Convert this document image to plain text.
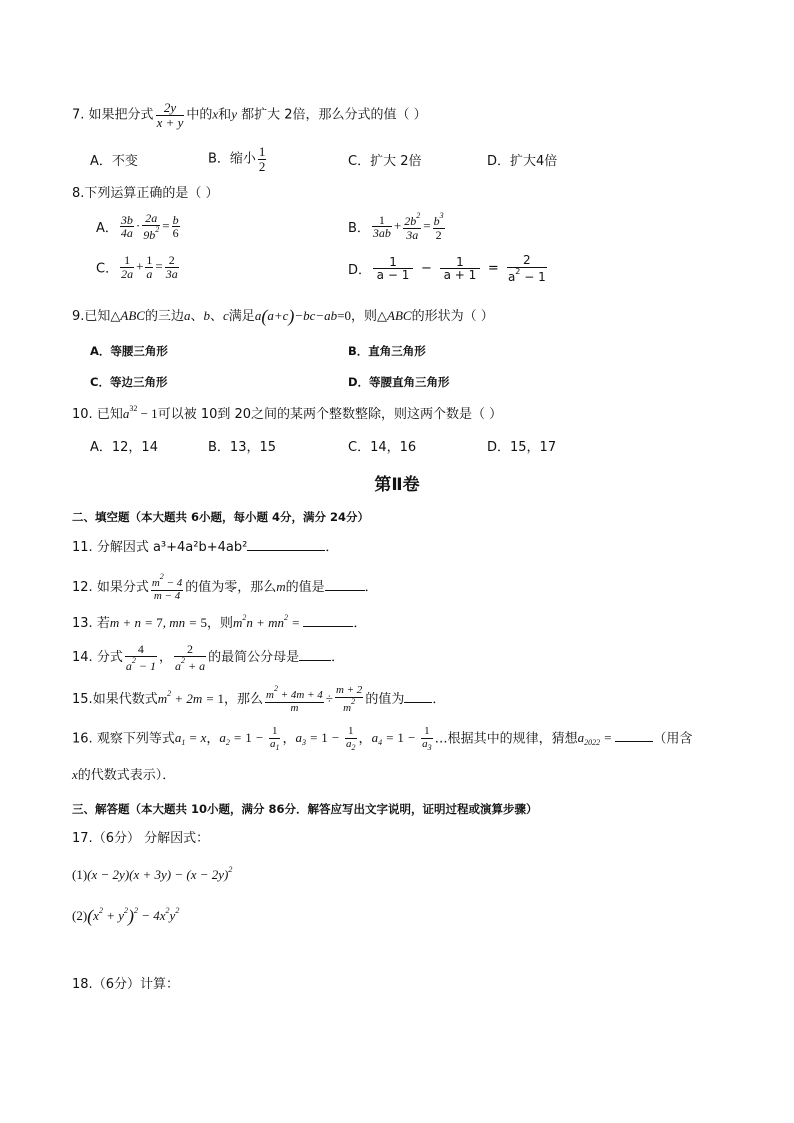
7. 如果把分式 $\frac{2y}{x + y}$ 中的x和y 都扩大 2倍，那么分式的值（ ）
A．不变	B．缩小 $\frac{1}{2}$	C．扩大 2倍	D．扩大4倍
8.下列运算正确的是（ ）
A． $\frac{3b}{4a} \cdot \frac{2a}{9b^2} = \frac{b}{6}$	B． $\frac{1}{3ab} + \frac{2b^2}{3a} = \frac{b^3}{2}$
C． $\frac{1}{2a} + \frac{1}{a} = \frac{2}{3a}$	D． $\frac{1}{a - 1} - \frac{1}{a + 1} = \frac{2}{a^2 - 1}$
9.已知△ABC的三边a、b、c满足a(a+c)−bc−ab=0，则△ABC的形状为（ ）
A．等腰三角形	B．直角三角形
C．等边三角形	D．等腰直角三角形
10. 已知$a^{32} - 1$可以被 10到 20之间的某两个整数整除，则这两个数是（ ）
A．12，14	B．13，15	C．14，16	D．15，17
第Ⅱ卷
二、填空题（本大题共 6小题，每小题 4分，满分 24分）
11. 分解因式 a³+4a²b+4ab²	．
12. 如果分式 $\frac{m^2 - 4}{m - 4}$ 的值为零，那么m的值是	．
13. 若m + n = 7, mn = 5，则$m^2n + mn^2$ =	．
14. 分式 $\frac{4}{a^2 - 1}$ ， $\frac{2}{a^2 + a}$ 的最简公分母是 ．
15.如果代数式$m^2 + 2m = 1$，那么 $\frac{m^2 + 4m + 4}{m} \div \frac{m + 2}{m^2}$ 的值为 ．
16. 观察下列等式$a_1 = x$，$a_2 = 1 - \frac{1}{a_1}$ ，$a_3 = 1 - \frac{1}{a_2}$ ，$a_4 = 1 - \frac{1}{a_3}$ …根据其中的规律，猜想$a_{2022}$ =	（用含
x的代数式表示）．
三、解答题（本大题共 10小题，满分 86分．解答应写出文字说明，证明过程或演算步骤）
17.（6分） 分解因式：
$(1)(x - 2y)(x + 3y) - (x - 2y)^2$
$(2)(x^2 + y^2)^2 - 4x^2y^2$
18.（6分）计算：
